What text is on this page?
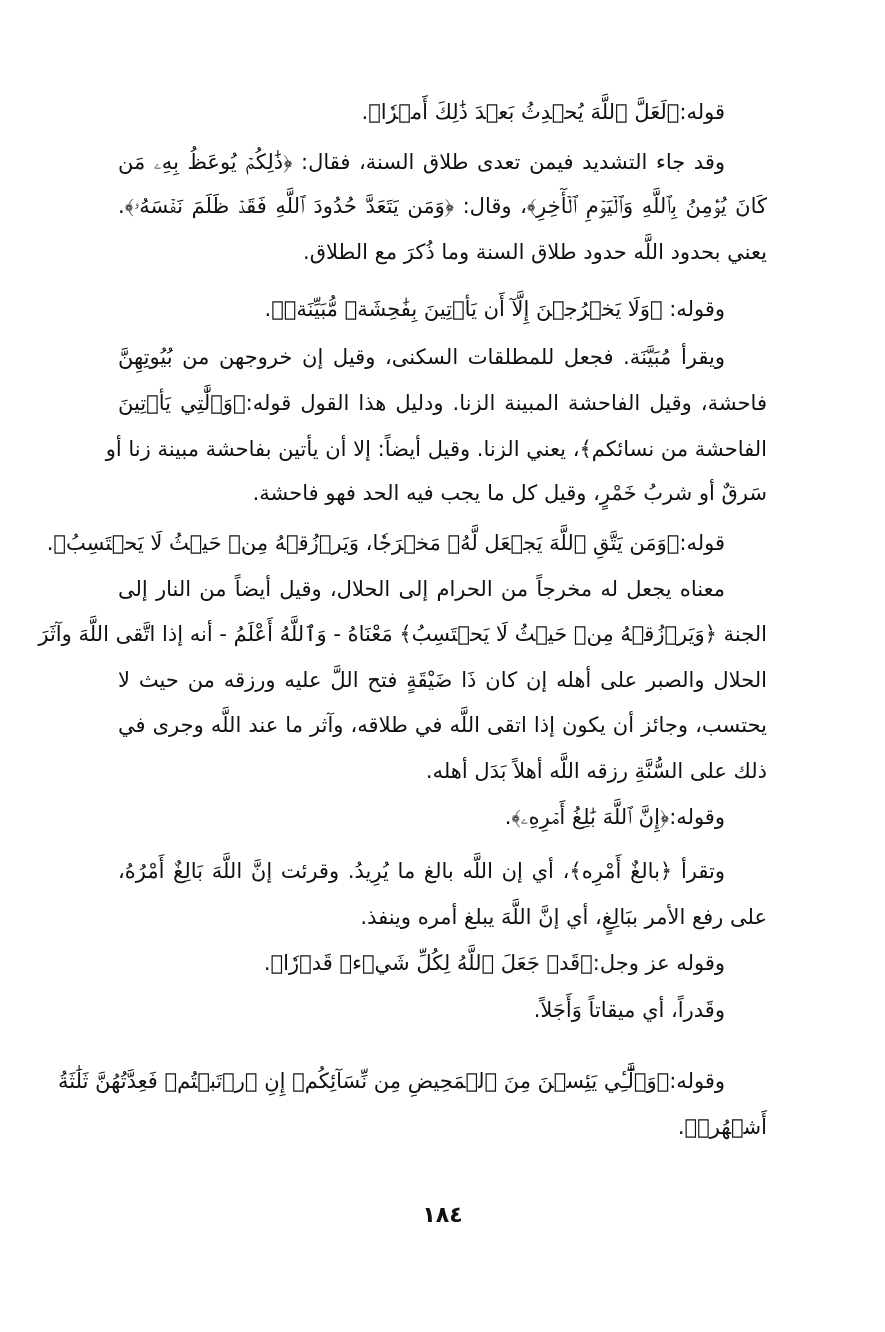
قوله:﴿لَعَلَّ ٱللَّهَ يُحۡدِثُ بَعۡدَ ذَٰلِكَ أَمۡرٗا﴾.
وقد جاء التشديد فيمن تعدى طلاق السنة، فقال: ﴿ذَٰلِكُمۡ يُوعَظُ بِهِۦ مَن
كَانَ يُؤۡمِنُ بِٱللَّهِ وَٱلۡيَوۡمِ ٱلۡأٓخِرِ﴾، وقال: ﴿وَمَن يَتَعَدَّ حُدُودَ ٱللَّهِ فَقَدۡ ظَلَمَ نَفۡسَهُۥ﴾.
يعني بحدود اللَّه حدود طلاق السنة وما ذُكرَ مع الطلاق.
وقوله: ﴿وَلَا يَخۡرُجۡنَ إِلَّآ أَن يَأۡتِينَ بِفَٰحِشَةٖ مُّبَيِّنَةٖ﴾.
ويقرأ مُبَيَّنَة. فجعل للمطلقات السكنى، وقيل إن خروجهن من بُيُوتِهِنَّ
فاحشة، وقيل الفاحشة المبينة الزنا. ودليل هذا القول قوله:﴿وَٱلَّٰتِي يَأۡتِينَ
الفاحشة من نسائكم﴾، يعني الزنا. وقيل أيضاً: إلا أن يأتين بفاحشة مبينة زنا أو
سَرقٌ أو شربُ خَمْرٍ، وقيل كل ما يجب فيه الحد فهو فاحشة.
قوله:﴿وَمَن يَتَّقِ ٱللَّهَ يَجۡعَل لَّهُۥ مَخۡرَجٗا، وَيَرۡزُقۡهُ مِنۡ حَيۡثُ لَا يَحۡتَسِبُ﴾.
معناه يجعل له مخرجاً من الحرام إلى الحلال، وقيل أيضاً من النار إلى
الجنة ﴿وَيَرۡزُقۡهُ مِنۡ حَيۡثُ لَا يَحۡتَسِبُ﴾ مَعْنَاهُ - وَٱللَّهُ أَعْلَمُ - أنه إذا اتَّقى اللَّهَ وآثَرَ
الحلال والصبر على أهله إن كان ذَا ضَيْقَةٍ فتح اللَّ عليه ورزقه من حيث لا
يحتسب، وجائز أن يكون إذا اتقى اللَّه في طلاقه، وآثر ما عند اللَّه وجرى في
ذلك على السُّنَّةِ رزقه اللَّه أهلاً بَدَل أهله.
وقوله:﴿إِنَّ ٱللَّهَ بَٰلِغُ أَمۡرِهِۦ﴾.
وتقرأ ﴿بالغٌ أَمْرِه﴾، أي إن اللَّه بالغ ما يُرِيدُ. وقرئت إنَّ اللَّهَ بَالِغٌ أَمْرُهُ،
على رفع الأمر ببَالِغٍ، أي إنَّ اللَّهَ يبلغ أمره وينفذ.
وقوله عز وجل:﴿قَدۡ جَعَلَ ٱللَّهُ لِكُلِّ شَيۡءٖ قَدۡرٗا﴾.
وقَدراً، أي ميقاتاً وَأَجَلاً.
وقوله:﴿وَٱلَّٰٓـِٔي يَئِسۡنَ مِنَ ٱلۡمَحِيضِ مِن نِّسَآئِكُمۡ إِنِ ٱرۡتَبۡتُمۡ فَعِدَّتُهُنَّ ثَلَٰثَةُ
أَشۡهُرٖ﴾.
١٨٤
